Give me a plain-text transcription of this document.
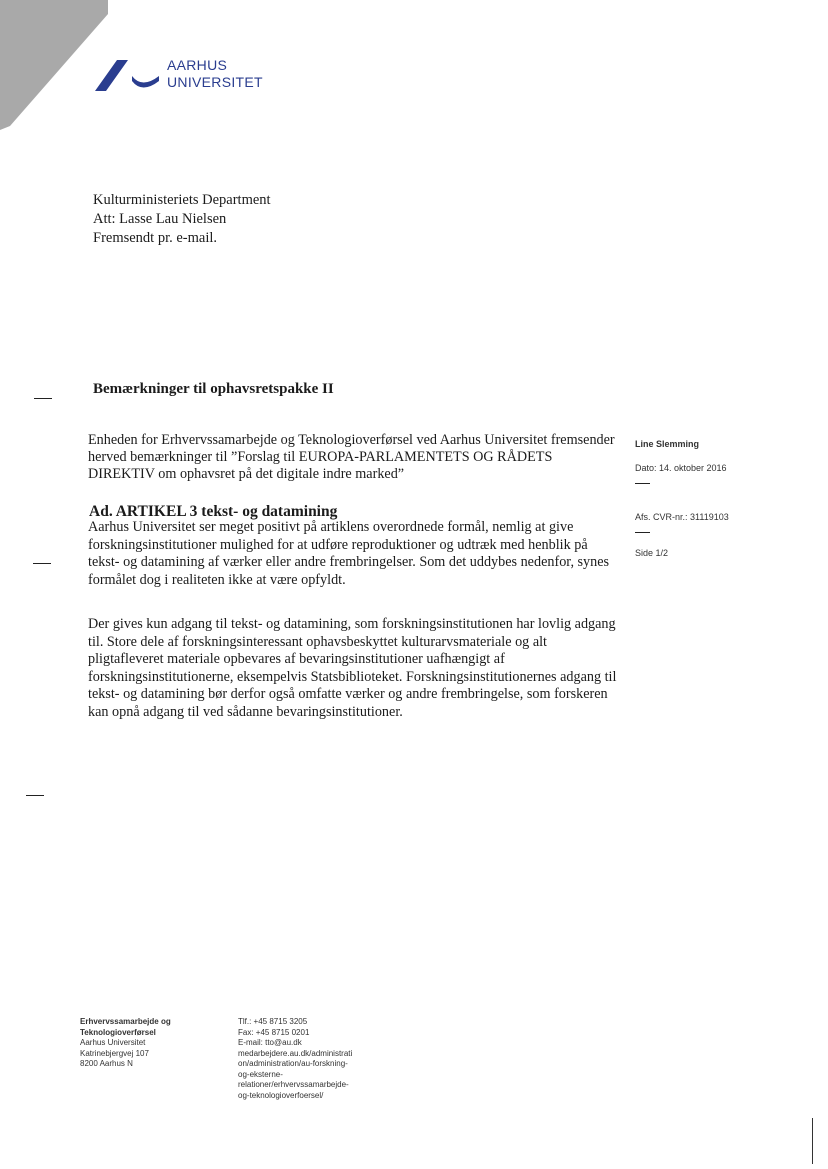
AARHUS
UNIVERSITET
Kulturministeriets Department
Att: Lasse Lau Nielsen
Fremsendt pr. e-mail.
Bemærkninger til ophavsretspakke II
Enheden for Erhvervssamarbejde og Teknologioverførsel ved Aarhus Universitet fremsender herved bemærkninger til ”Forslag til EUROPA-PARLAMENTETS OG RÅDETS DIREKTIV om ophavsret på det digitale indre marked”
Ad. ARTIKEL 3 tekst- og datamining
Aarhus Universitet ser meget positivt på artiklens overordnede formål, nemlig at give forskningsinstitutioner mulighed for at udføre reproduktioner og udtræk med henblik på tekst- og datamining af værker eller andre frembringelser. Som det uddybes nedenfor, synes formålet dog i realiteten ikke at være opfyldt.
Der gives kun adgang til tekst- og datamining, som forskningsinstitutionen har lovlig adgang til. Store dele af forskningsinteressant ophavsbeskyttet kulturarvsmateriale og alt pligtafleveret materiale opbevares af bevaringsinstitutioner uafhængigt af forskningsinstitutionerne, eksempelvis Statsbiblioteket. Forskningsinstitutionernes adgang til tekst- og datamining bør derfor også omfatte værker og andre frembringelse, som forskeren kan opnå adgang til ved sådanne bevaringsinstitutioner.
Line Slemming
Dato: 14. oktober 2016
Afs. CVR-nr.: 31119103
Side 1/2
Erhvervssamarbejde og
Teknologioverførsel
Aarhus Universitet
Katrinebjergvej 107
8200 Aarhus N
Tlf.: +45 8715 3205
Fax: +45 8715 0201
E-mail: tto@au.dk
medarbejdere.au.dk/administrati
on/administration/au-forskning-
og-eksterne-
relationer/erhvervssamarbejde-
og-teknologioverfoersel/
